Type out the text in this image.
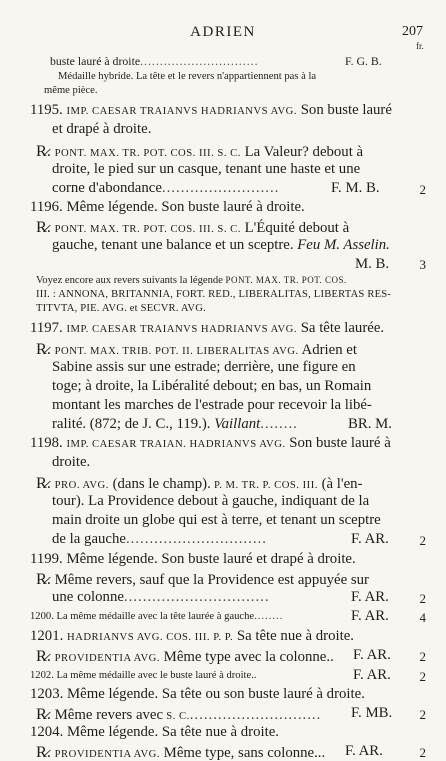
ADRIEN	207
fr.
buste lauré à droite..............................	F. G. B.
Médaille hybride. La tête et le revers n'appartiennent pas à la
même pièce.
1195. IMP. CAESAR TRAIANVS HADRIANVS AVG. Son buste lauré
et drapé à droite.
R̷. PONT. MAX. TR. POT. COS. III. S. C. La Valeur? debout à
droite, le pied sur un casque, tenant une haste et une
corne d'abondance.........................	F. M. B.	2
1196. Même légende. Son buste lauré à droite.
R̷. PONT. MAX. TR. POT. COS. III. S. C. L'Équité debout à
gauche, tenant une balance et un sceptre. Feu M. Asselin.
M. B.	3
Voyez encore aux revers suivants la légende PONT. MAX. TR. POT. COS.
III. : ANNONA, BRITANNIA, FORT. RED., LIBERALITAS, LIBERTAS RES-
TITVTA, PIE. AVG. et SECVR. AVG.
1197. IMP. CAESAR TRAIANVS HADRIANVS AVG. Sa tête laurée.
R̷. PONT. MAX. TRIB. POT. II. LIBERALITAS AVG. Adrien et
Sabine assis sur une estrade; derrière, une figure en
toge; à droite, la Libéralité debout; en bas, un Romain
montant les marches de l'estrade pour recevoir la libé-
ralité. (872; de J. C., 119.). Vaillant........	BR. M.
1198. IMP. CAESAR TRAIAN. HADRIANVS AVG. Son buste lauré à
droite.
R̷. PRO. AVG. (dans le champ). P. M. TR. P. COS. III. (à l'en-
tour). La Providence debout à gauche, indiquant de la
main droite un globe qui est à terre, et tenant un sceptre
de la gauche..............................	F. AR.	2
1199. Même légende. Son buste lauré et drapé à droite.
R̷. Même revers, sauf que la Providence est appuyée sur
une colonne...............................	F. AR.	2
1200. La même médaille avec la tête laurée à gauche........	F. AR.	4
1201. HADRIANVS AVG. COS. III. P. P. Sa tête nue à droite.
R̷. PROVIDENTIA AVG. Même type avec la colonne.. F. AR.	2
1202. La même médaille avec le buste lauré à droite..	F. AR.	2
1203. Même légende. Sa tête ou son buste lauré à droite.
R̷. Même revers avec S. C............................. F. MB.	2
1204. Même légende. Sa tête nue à droite.
R̷. PROVIDENTIA AVG. Même type, sans colonne... F. AR.	2
